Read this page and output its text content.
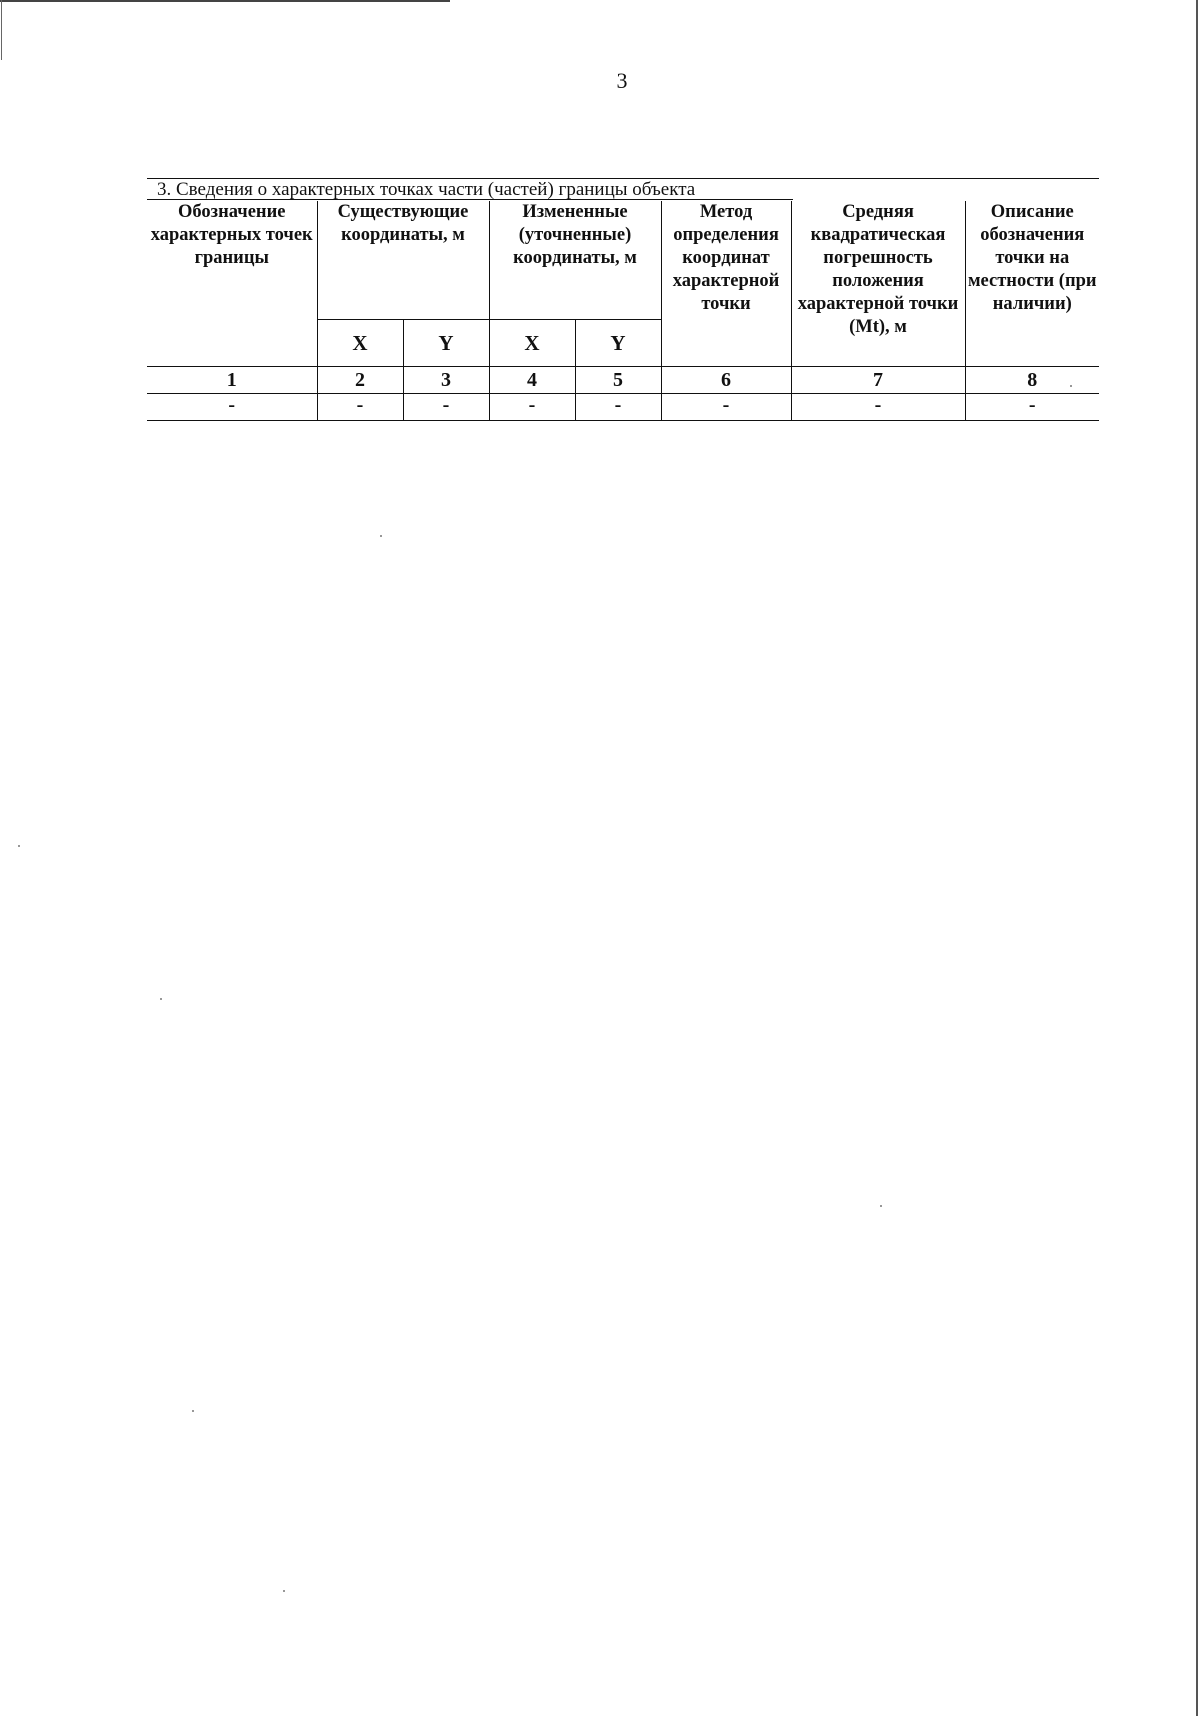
3
3. Сведения о характерных точках части (частей) границы объекта
Обозначение характерных точек границы	Существующие координаты, м		Измененные (уточненные) координаты, м		Метод определения координат характерной точки	Средняя квадратическая погрешность положения характерной точки (Mt), м	Описание обозначения точки на местности (при наличии)
	X	Y	X	Y			
1	2	3	4	5	6	7	8
-	-	-	-	-	-	-	-
